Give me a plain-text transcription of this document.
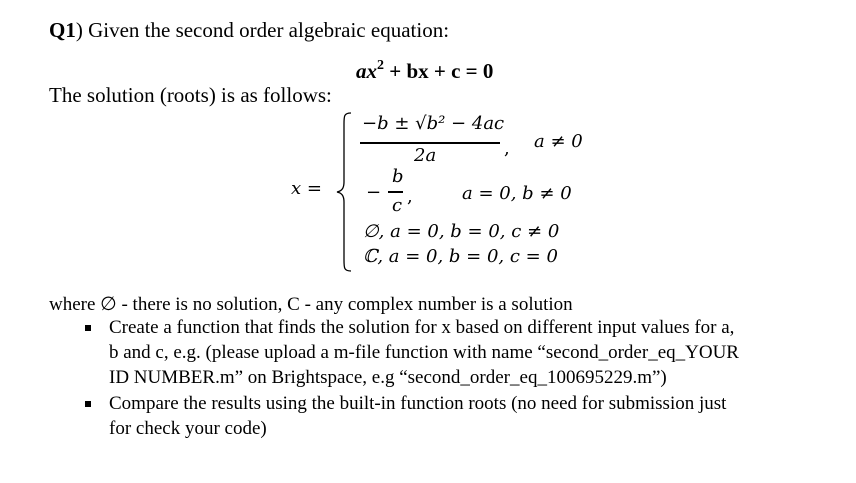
Q1) Given the second order algebraic equation:
$ax^2$ + bx + c = 0
The solution (roots) is as follows:
x =
−b ± √b² − 4ac
2a	, a ≠ 0
−
b
c ,	a = 0, b ≠ 0
∅, a = 0, b = 0, c ≠ 0
ℂ, a = 0, b = 0, c = 0
where ∅ - there is no solution, C - any complex number is a solution
Create a function that finds the solution for x based on different input values for a,
b and c, e.g. (please upload a m-file function with name “second_order_eq_YOUR
ID NUMBER.m” on Brightspace, e.g “second_order_eq_100695229.m”)
Compare the results using the built-in function roots (no need for submission just
for check your code)
